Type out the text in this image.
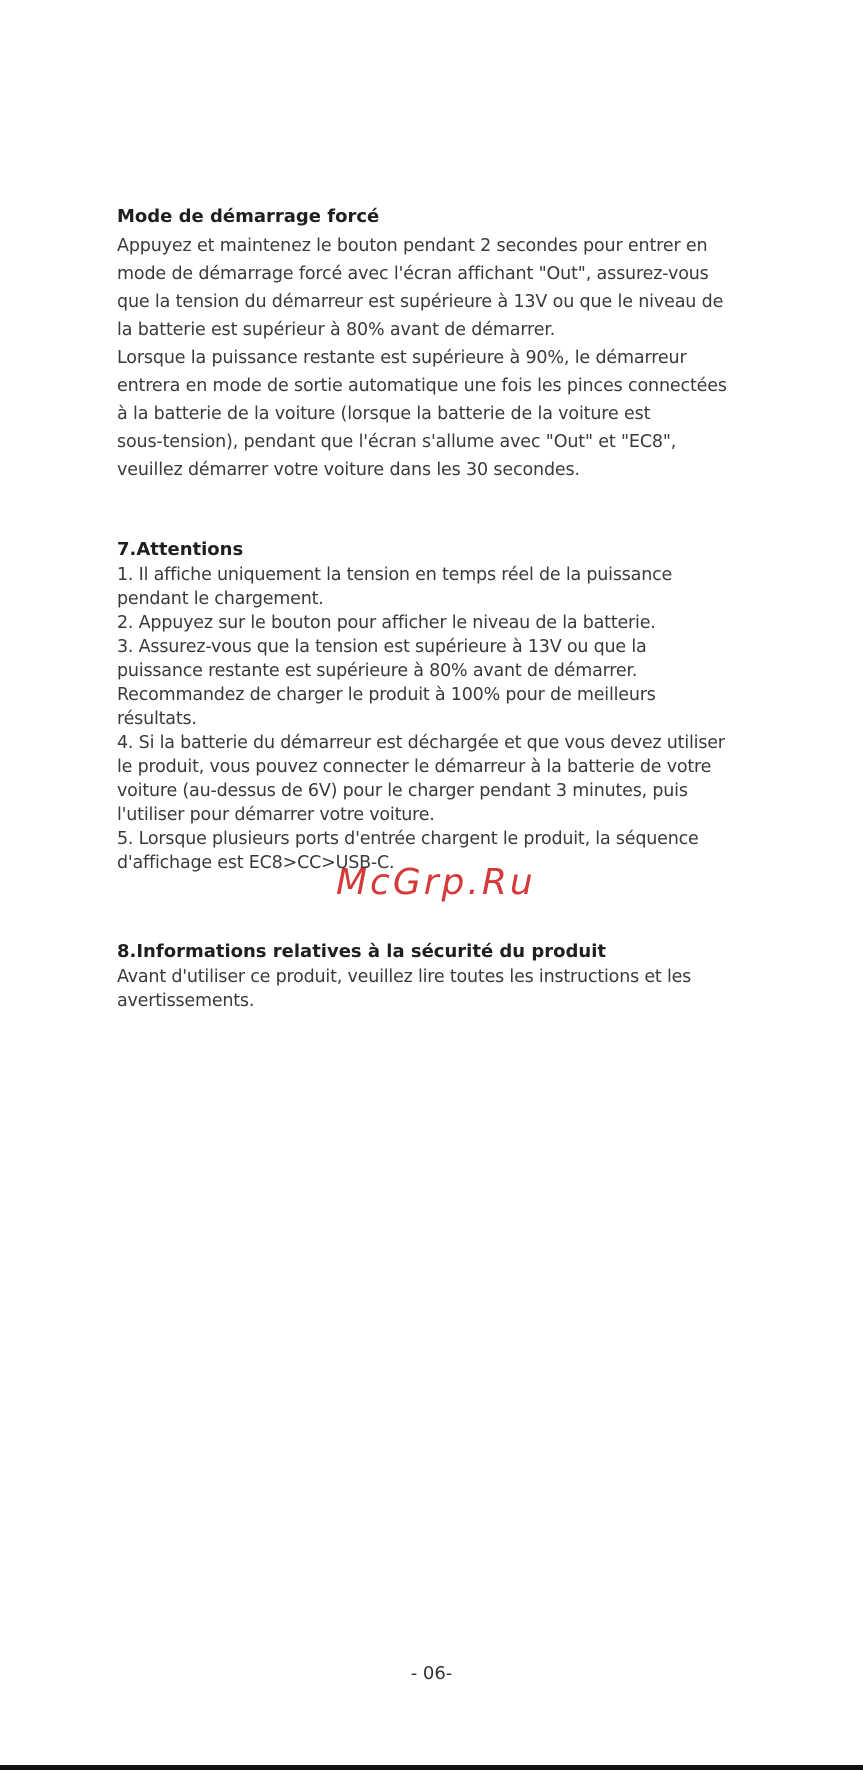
Mode de démarrage forcé

Appuyez et maintenez le bouton pendant 2 secondes pour entrer en

mode de démarrage forcé avec l'écran affichant "Out", assurez-vous

que la tension du démarreur est supérieure à 13V ou que le niveau de

la batterie est supérieur à 80% avant de démarrer.

Lorsque la puissance restante est supérieure à 90%, le démarreur

entrera en mode de sortie automatique une fois les pinces connectées

à la batterie de la voiture (lorsque la batterie de la voiture est

sous-tension), pendant que l'écran s'allume avec "Out" et "EC8",

veuillez démarrer votre voiture dans les 30 secondes.

7.Attentions

1. Il affiche uniquement la tension en temps réel de la puissance

pendant le chargement.

2. Appuyez sur le bouton pour afficher le niveau de la batterie.

3. Assurez-vous que la tension est supérieure à 13V ou que la

puissance restante est supérieure à 80% avant de démarrer.

Recommandez de charger le produit à 100% pour de meilleurs

résultats.

4. Si la batterie du démarreur est déchargée et que vous devez utiliser

le produit, vous pouvez connecter le démarreur à la batterie de votre

voiture (au-dessus de 6V) pour le charger pendant 3 minutes, puis

l'utiliser pour démarrer votre voiture.

5. Lorsque plusieurs ports d'entrée chargent le produit, la séquence

d'affichage est EC8>CC>USB-C.

McGrp.Ru

8.Informations relatives à la sécurité du produit

Avant d'utiliser ce produit, veuillez lire toutes les instructions et les

avertissements.

- 06-
